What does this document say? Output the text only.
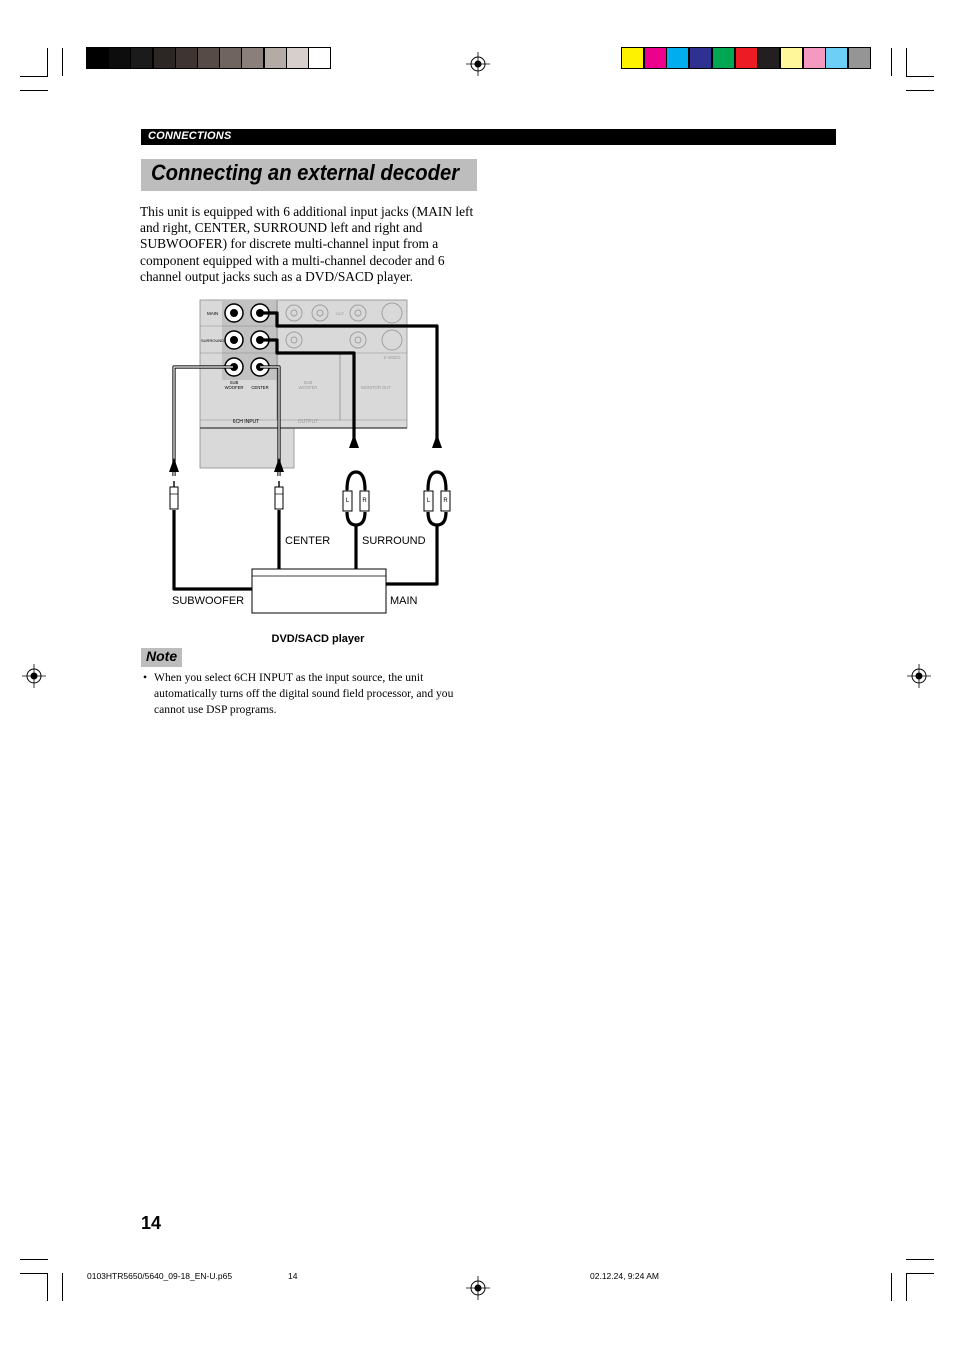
CONNECTIONS
Connecting an external decoder
This unit is equipped with 6 additional input jacks (MAIN left and right, CENTER, SURROUND left and right and SUBWOOFER) for discrete multi-channel input from a component equipped with a multi-channel decoder and 6 channel output jacks such as a DVD/SACD player.
MAIN
SURROUND
SUB WOOFER CENTER
6CH INPUT	OUTPUT
OUT
SUB WOOFER
S VIDEO
MONITOR OUT
L R	L R
CENTER	SURROUND
SUBWOOFER	MAIN
DVD/SACD player
Note
• When you select 6CH INPUT as the input source, the unit automatically turns off the digital sound field processor, and you cannot use DSP programs.
14
0103HTR5650/5640_09-18_EN-U.p65	14	02.12.24, 9:24 AM
